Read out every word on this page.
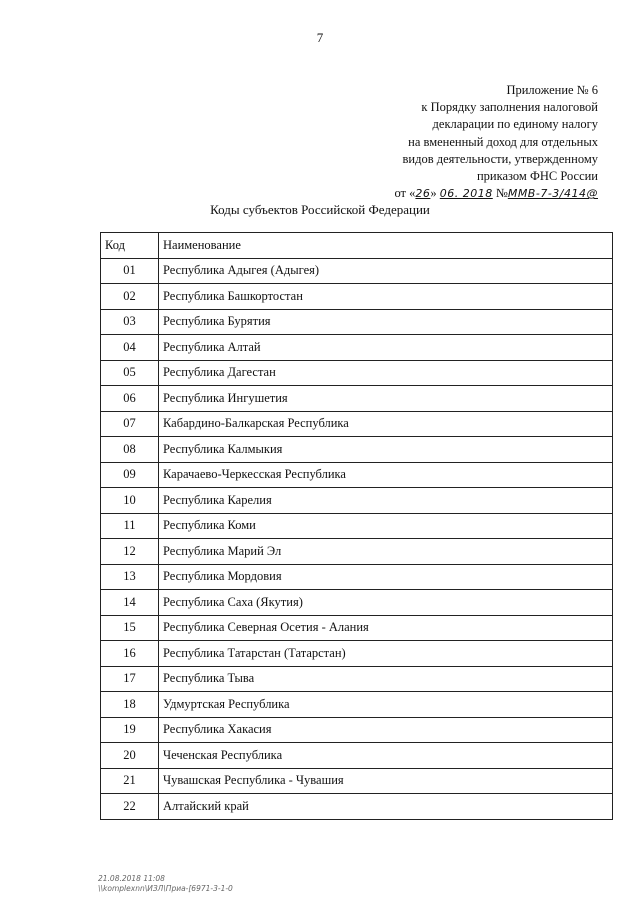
7
Приложение № 6
к Порядку заполнения налоговой
декларации по единому налогу
на вмененный доход для отдельных
видов деятельности, утвержденному
приказом ФНС России
от «26» 06. 2018 №ММВ-7-3/414@
Коды субъектов Российской Федерации
Код	Наименование
01	Республика Адыгея (Адыгея)
02	Республика Башкортостан
03	Республика Бурятия
04	Республика Алтай
05	Республика Дагестан
06	Республика Ингушетия
07	Кабардино-Балкарская Республика
08	Республика Калмыкия
09	Карачаево-Черкесская Республика
10	Республика Карелия
11	Республика Коми
12	Республика Марий Эл
13	Республика Мордовия
14	Республика Саха (Якутия)
15	Республика Северная Осетия - Алания
16	Республика Татарстан (Татарстан)
17	Республика Тыва
18	Удмуртская Республика
19	Республика Хакасия
20	Чеченская Республика
21	Чувашская Республика - Чувашия
22	Алтайский край
21.08.2018 11:08
\\komplexnn\ИЗЛ\Приа-[6971-3-1-0
